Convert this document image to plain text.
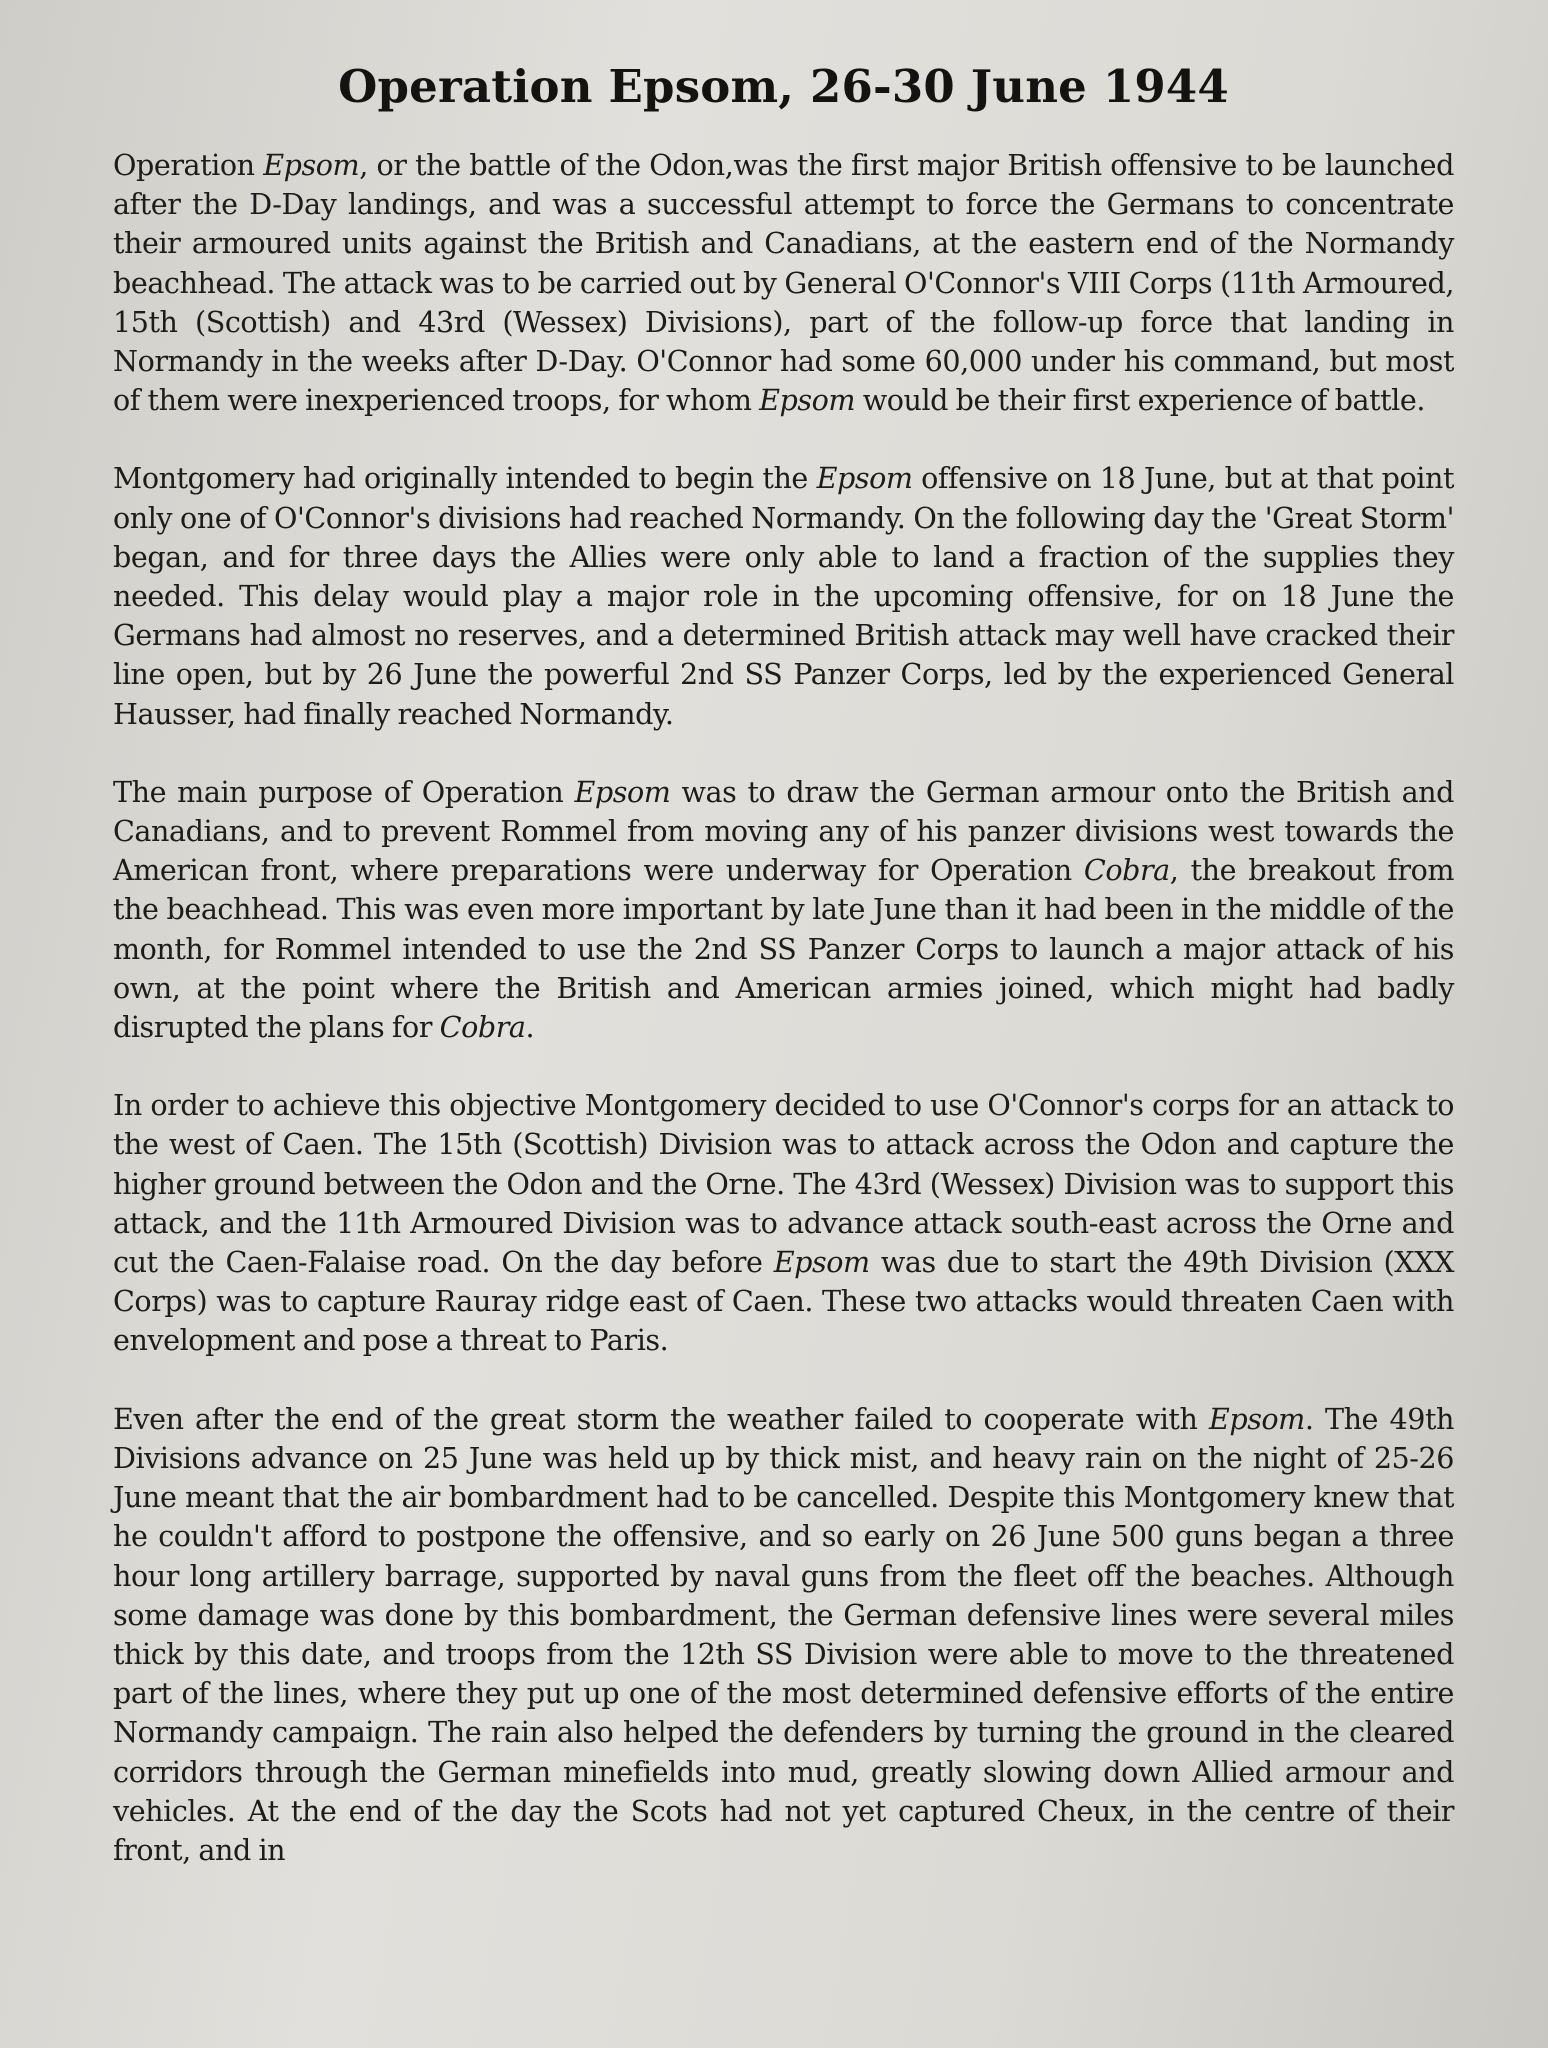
Operation Epsom, 26-30 June 1944

Operation Epsom, or the battle of the Odon,was the first major British offensive to be launched after the D-Day landings, and was a successful attempt to force the Germans to concentrate their armoured units against the British and Canadians, at the eastern end of the Normandy beachhead. The attack was to be carried out by General O'Connor's VIII Corps (11th Armoured, 15th (Scottish) and 43rd (Wessex) Divisions), part of the follow-up force that landing in Normandy in the weeks after D-Day. O'Connor had some 60,000 under his command, but most of them were inexperienced troops, for whom Epsom would be their first experience of battle.

Montgomery had originally intended to begin the Epsom offensive on 18 June, but at that point only one of O'Connor's divisions had reached Normandy. On the following day the 'Great Storm' began, and for three days the Allies were only able to land a fraction of the supplies they needed. This delay would play a major role in the upcoming offensive, for on 18 June the Germans had almost no reserves, and a determined British attack may well have cracked their line open, but by 26 June the powerful 2nd SS Panzer Corps, led by the experienced General Hausser, had finally reached Normandy.

The main purpose of Operation Epsom was to draw the German armour onto the British and Canadians, and to prevent Rommel from moving any of his panzer divisions west towards the American front, where preparations were underway for Operation Cobra, the breakout from the beachhead. This was even more important by late June than it had been in the middle of the month, for Rommel intended to use the 2nd SS Panzer Corps to launch a major attack of his own, at the point where the British and American armies joined, which might had badly disrupted the plans for Cobra.

In order to achieve this objective Montgomery decided to use O'Connor's corps for an attack to the west of Caen. The 15th (Scottish) Division was to attack across the Odon and capture the higher ground between the Odon and the Orne. The 43rd (Wessex) Division was to support this attack, and the 11th Armoured Division was to advance attack south-east across the Orne and cut the Caen-Falaise road. On the day before Epsom was due to start the 49th Division (XXX Corps) was to capture Rauray ridge east of Caen. These two attacks would threaten Caen with envelopment and pose a threat to Paris.

Even after the end of the great storm the weather failed to cooperate with Epsom. The 49th Divisions advance on 25 June was held up by thick mist, and heavy rain on the night of 25-26 June meant that the air bombardment had to be cancelled. Despite this Montgomery knew that he couldn't afford to postpone the offensive, and so early on 26 June 500 guns began a three hour long artillery barrage, supported by naval guns from the fleet off the beaches. Although some damage was done by this bombardment, the German defensive lines were several miles thick by this date, and troops from the 12th SS Division were able to move to the threatened part of the lines, where they put up one of the most determined defensive efforts of the entire Normandy campaign. The rain also helped the defenders by turning the ground in the cleared corridors through the German minefields into mud, greatly slowing down Allied armour and vehicles. At the end of the day the Scots had not yet captured Cheux, in the centre of their front, and in
